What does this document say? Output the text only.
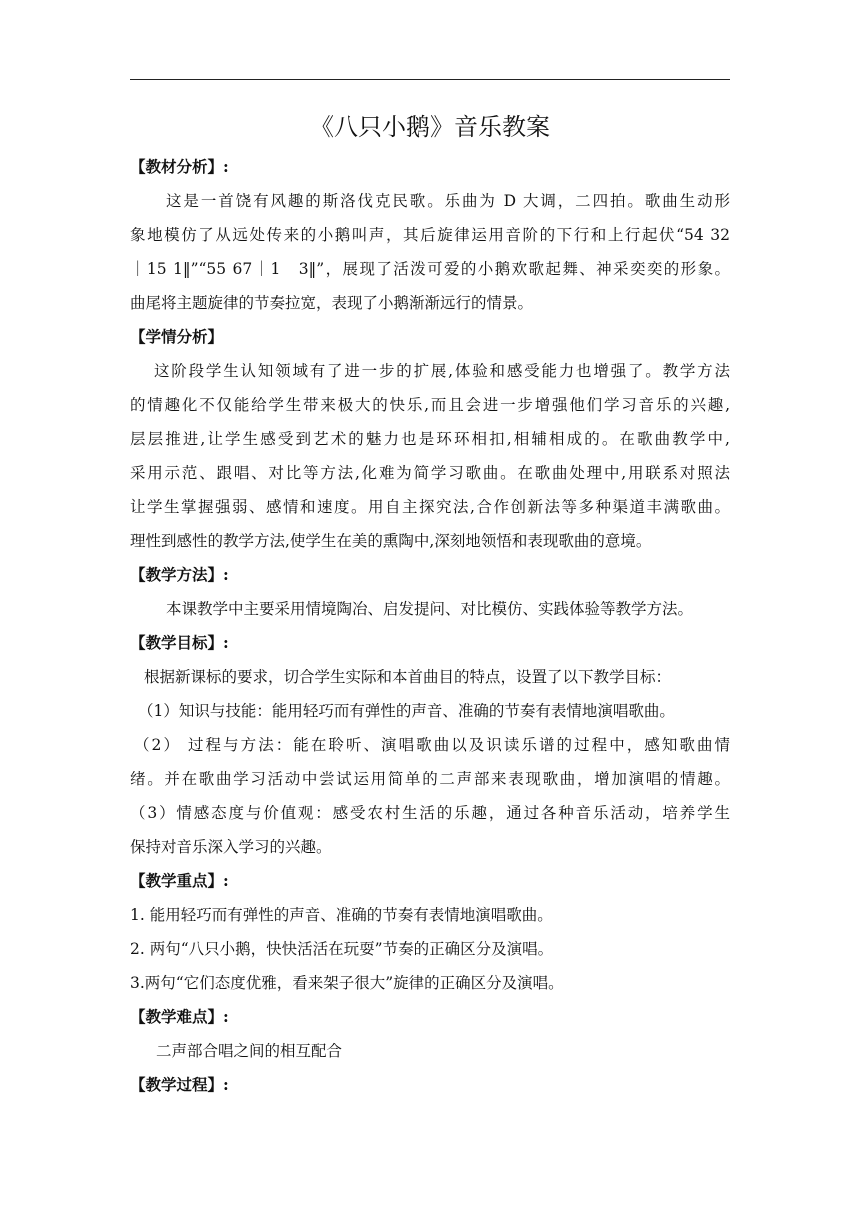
《八只小鹅》音乐教案
【教材分析】:
这是一首饶有风趣的斯洛伐克民歌。乐曲为 D 大调，二四拍。歌曲生动形
象地模仿了从远处传来的小鹅叫声，其后旋律运用音阶的下行和上行起伏“54 32
｜15 1‖”“55 67｜1　3‖”，展现了活泼可爱的小鹅欢歌起舞、神采奕奕的形象。
曲尾将主题旋律的节奏拉宽，表现了小鹅渐渐远行的情景。
【学情分析】
这阶段学生认知领域有了进一步的扩展,体验和感受能力也增强了。教学方法
的情趣化不仅能给学生带来极大的快乐,而且会进一步增强他们学习音乐的兴趣,
层层推进,让学生感受到艺术的魅力也是环环相扣,相辅相成的。在歌曲教学中,
采用示范、跟唱、对比等方法,化难为简学习歌曲。在歌曲处理中,用联系对照法
让学生掌握强弱、感情和速度。用自主探究法,合作创新法等多种渠道丰满歌曲。
理性到感性的教学方法,使学生在美的熏陶中,深刻地领悟和表现歌曲的意境。
【教学方法】:
本课教学中主要采用情境陶冶、启发提问、对比模仿、实践体验等教学方法。
【教学目标】:
根据新课标的要求，切合学生实际和本首曲目的特点，设置了以下教学目标：
（1）知识与技能：能用轻巧而有弹性的声音、准确的节奏有表情地演唱歌曲。
（2） 过程与方法：能在聆听、演唱歌曲以及识读乐谱的过程中，感知歌曲情
绪。并在歌曲学习活动中尝试运用简单的二声部来表现歌曲，增加演唱的情趣。
（3）情感态度与价值观：感受农村生活的乐趣，通过各种音乐活动，培养学生
保持对音乐深入学习的兴趣。
【教学重点】:
1. 能用轻巧而有弹性的声音、准确的节奏有表情地演唱歌曲。
2. 两句“八只小鹅，快快活活在玩耍”节奏的正确区分及演唱。
3.两句“它们态度优雅，看来架子很大”旋律的正确区分及演唱。
【教学难点】:
二声部合唱之间的相互配合
【教学过程】:
